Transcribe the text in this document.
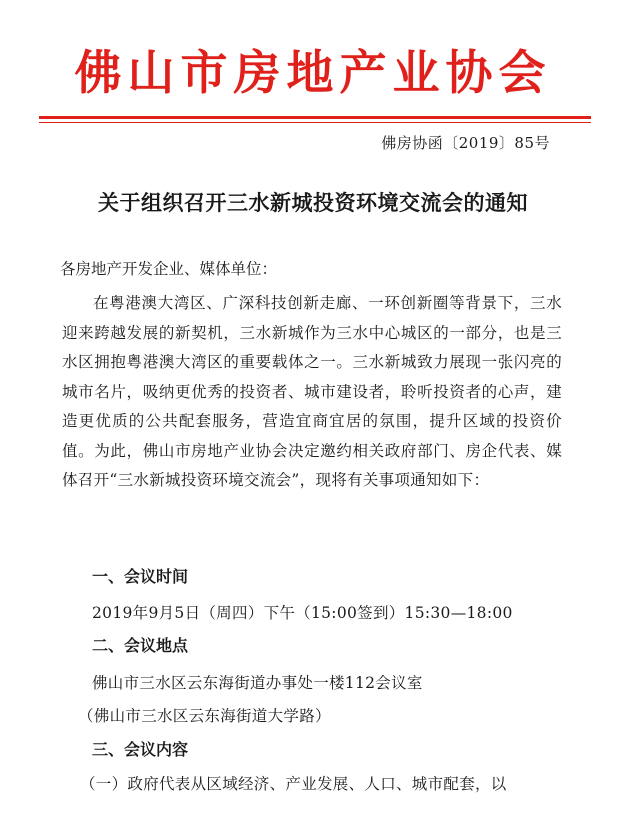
佛山市房地产业协会
佛房协函〔2019〕85号
关于组织召开三水新城投资环境交流会的通知
各房地产开发企业、媒体单位：
在粤港澳大湾区、广深科技创新走廊、一环创新圈等背景下，三水迎来跨越发展的新契机，三水新城作为三水中心城区的一部分，也是三水区拥抱粤港澳大湾区的重要载体之一。三水新城致力展现一张闪亮的城市名片，吸纳更优秀的投资者、城市建设者，聆听投资者的心声，建造更优质的公共配套服务，营造宜商宜居的氛围，提升区域的投资价值。为此，佛山市房地产业协会决定邀约相关政府部门、房企代表、媒体召开“三水新城投资环境交流会”，现将有关事项通知如下：
一、会议时间
2019年9月5日（周四）下午（15:00签到）15:30—18:00
二、会议地点
佛山市三水区云东海街道办事处一楼112会议室
（佛山市三水区云东海街道大学路）
三、会议内容
（一）政府代表从区域经济、产业发展、人口、城市配套，以
